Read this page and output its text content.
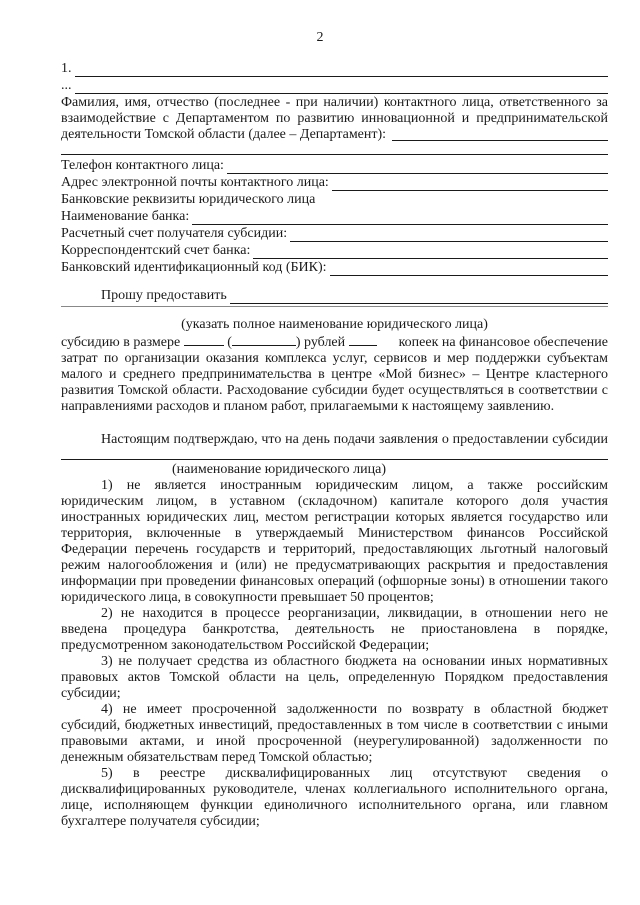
2
1.
...
Фамилия, имя, отчество (последнее - при наличии) контактного лица, ответственного за взаимодействие с Департаментом по развитию инновационной и предпринимательской деятельности Томской области (далее – Департамент):
Телефон контактного лица:
Адрес электронной почты контактного лица:
Банковские реквизиты юридического лица
Наименование банка:
Расчетный счет получателя субсидии:
Корреспондентский счет банка:
Банковский идентификационный код (БИК):
Прошу предоставить
(указать полное наименование юридического лица)
субсидию в размере	(	) рублей	копеек на финансовое обеспечение

затрат по организации оказания комплекса услуг, сервисов и мер поддержки субъектам малого и среднего предпринимательства в центре «Мой бизнес» – Центре кластерного развития Томской области. Расходование субсидии будет осуществляться в соответствии с направлениями расходов и планом работ, прилагаемыми к настоящему заявлению.

Настоящим подтверждаю, что на день подачи заявления о предоставлении субсидии
(наименование юридического лица)

1) не является иностранным юридическим лицом, а также российским юридическим лицом, в уставном (складочном) капитале которого доля участия иностранных юридических лиц, местом регистрации которых является государство или территория, включенные в утверждаемый Министерством финансов Российской Федерации перечень государств и территорий, предоставляющих льготный налоговый режим налогообложения и (или) не предусматривающих раскрытия и предоставления информации при проведении финансовых операций (офшорные зоны) в отношении такого юридического лица, в совокупности превышает 50 процентов;

2) не находится в процессе реорганизации, ликвидации, в отношении него не введена процедура банкротства, деятельность не приостановлена в порядке, предусмотренном законодательством Российской Федерации;

3) не получает средства из областного бюджета на основании иных нормативных правовых актов Томской области на цель, определенную Порядком предоставления субсидии;

4) не имеет просроченной задолженности по возврату в областной бюджет субсидий, бюджетных инвестиций, предоставленных в том числе в соответствии с иными правовыми актами, и иной просроченной (неурегулированной) задолженности по денежным обязательствам перед Томской областью;

5) в реестре дисквалифицированных лиц отсутствуют сведения о дисквалифицированных руководителе, членах коллегиального исполнительного органа, лице, исполняющем функции единоличного исполнительного органа, или главном бухгалтере получателя субсидии;
